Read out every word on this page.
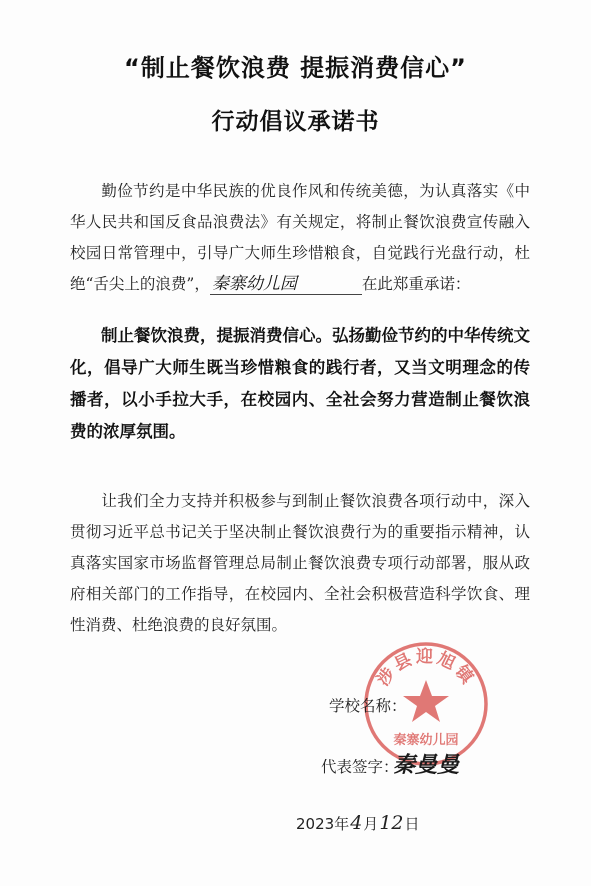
“制止餐饮浪费 提振消费信心”
行动倡议承诺书

勤俭节约是中华民族的优良作风和传统美德，为认真落实《中华人民共和国反食品浪费法》有关规定，将制止餐饮浪费宣传融入校园日常管理中，引导广大师生珍惜粮食，自觉践行光盘行动，杜绝“舌尖上的浪费”， 秦寨幼儿园	在此郑重承诺：

制止餐饮浪费，提振消费信心。弘扬勤俭节约的中华传统文化，倡导广大师生既当珍惜粮食的践行者，又当文明理念的传播者，以小手拉大手，在校园内、全社会努力营造制止餐饮浪费的浓厚氛围。

让我们全力支持并积极参与到制止餐饮浪费各项行动中，深入贯彻习近平总书记关于坚决制止餐饮浪费行为的重要指示精神，认真落实国家市场监督管理总局制止餐饮浪费专项行动部署，服从政府相关部门的工作指导，在校园内、全社会积极营造科学饮食、理性消费、杜绝浪费的良好氛围。

涉县迎旭镇
秦寨幼儿园
学校名称：
代表签字：
秦曼曼
2023年4月12日
